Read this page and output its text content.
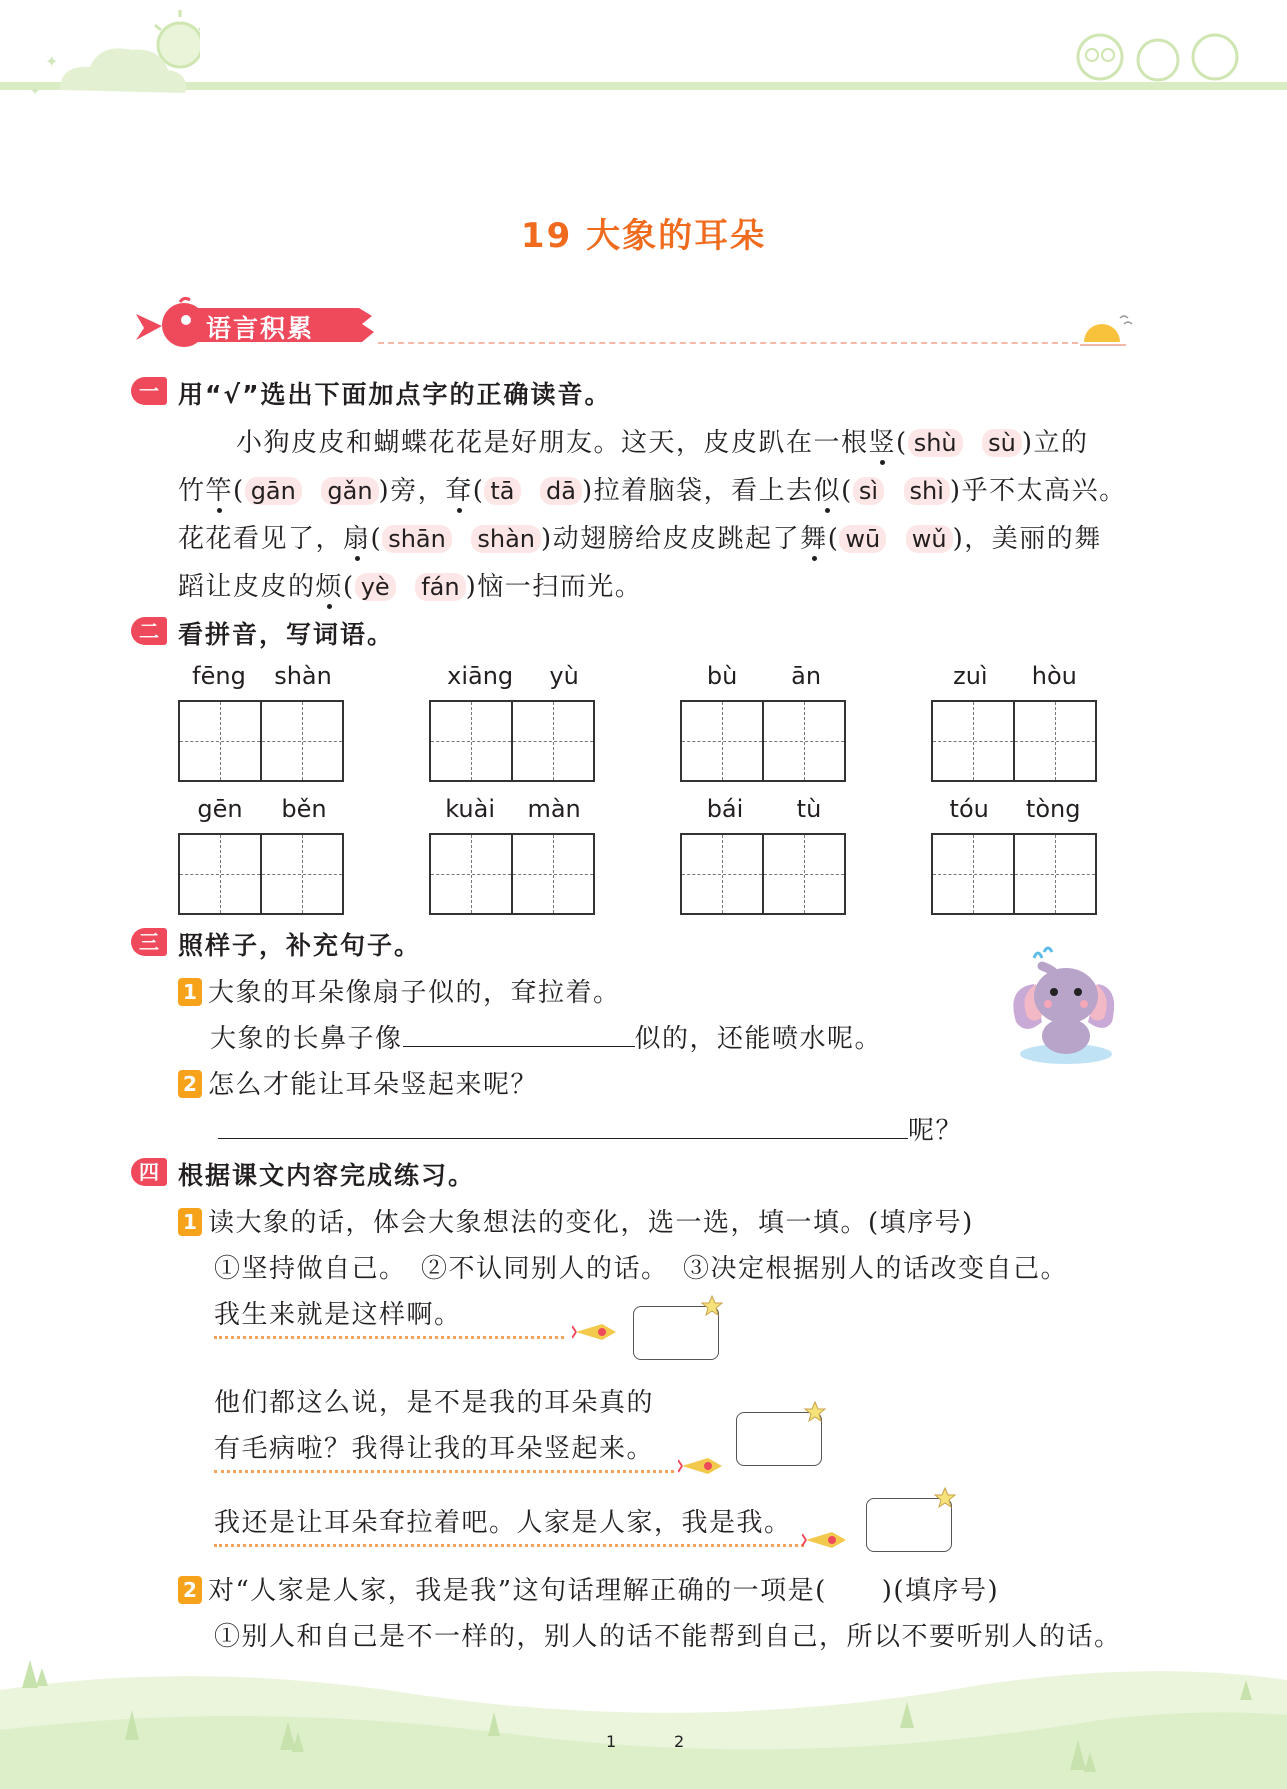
✦
✦
19 大象的耳朵
语言积累
一 用“√”选出下面加点字的正确读音。
小狗皮皮和蝴蝶花花是好朋友。这天，皮皮趴在一根竖( shù sù )立的
竹竿( gān gǎn )旁，耷( tā dā )拉着脑袋，看上去似( sì shì )乎不太高兴。
花花看见了，扇( shān shàn )动翅膀给皮皮跳起了舞( wū wǔ )，美丽的舞
蹈让皮皮的烦( yè fán )恼一扫而光。
二 看拼音，写词语。
fēng shàn	xiāng yù	bù ān	zuì hòu
gēn běn	kuài màn	bái tù	tóu tòng
三 照样子，补充句子。
1 大象的耳朵像扇子似的，耷拉着。
大象的长鼻子像	似的，还能喷水呢。
2 怎么才能让耳朵竖起来呢？
呢？
四 根据课文内容完成练习。
1 读大象的话，体会大象想法的变化，选一选，填一填。(填序号)
①坚持做自己。　②不认同别人的话。　③决定根据别人的话改变自己。
我生来就是这样啊。
他们都这么说，是不是我的耳朵真的
有毛病啦？我得让我的耳朵竖起来。
我还是让耳朵耷拉着吧。人家是人家，我是我。
2 对“人家是人家，我是我”这句话理解正确的一项是(　　)(填序号)
①别人和自己是不一样的，别人的话不能帮到自己，所以不要听别人的话。
1	2
